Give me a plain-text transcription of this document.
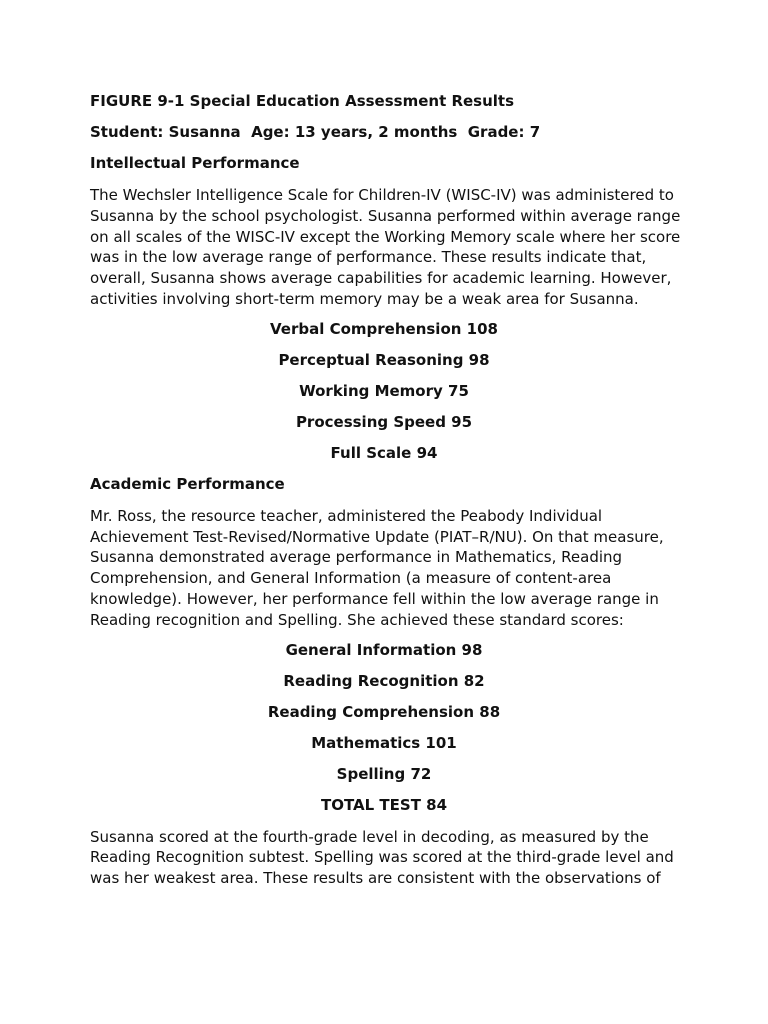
FIGURE 9-1 Special Education Assessment Results
Student: Susanna  Age: 13 years, 2 months  Grade: 7
Intellectual Performance
The Wechsler Intelligence Scale for Children-IV (WISC-IV) was administered to Susanna by the school psychologist. Susanna performed within average range on all scales of the WISC-IV except the Working Memory scale where her score was in the low average range of performance. These results indicate that, overall, Susanna shows average capabilities for academic learning. However, activities involving short-term memory may be a weak area for Susanna.
Verbal Comprehension 108
Perceptual Reasoning 98
Working Memory 75
Processing Speed 95
Full Scale 94
Academic Performance
Mr. Ross, the resource teacher, administered the Peabody Individual Achievement Test-Revised/Normative Update (PIAT–R/NU). On that measure, Susanna demonstrated average performance in Mathematics, Reading Comprehension, and General Information (a measure of content-area knowledge). However, her performance fell within the low average range in Reading recognition and Spelling. She achieved these standard scores:
General Information 98
Reading Recognition 82
Reading Comprehension 88
Mathematics 101
Spelling 72
TOTAL TEST 84
Susanna scored at the fourth-grade level in decoding, as measured by the Reading Recognition subtest. Spelling was scored at the third-grade level and was her weakest area. These results are consistent with the observations of
